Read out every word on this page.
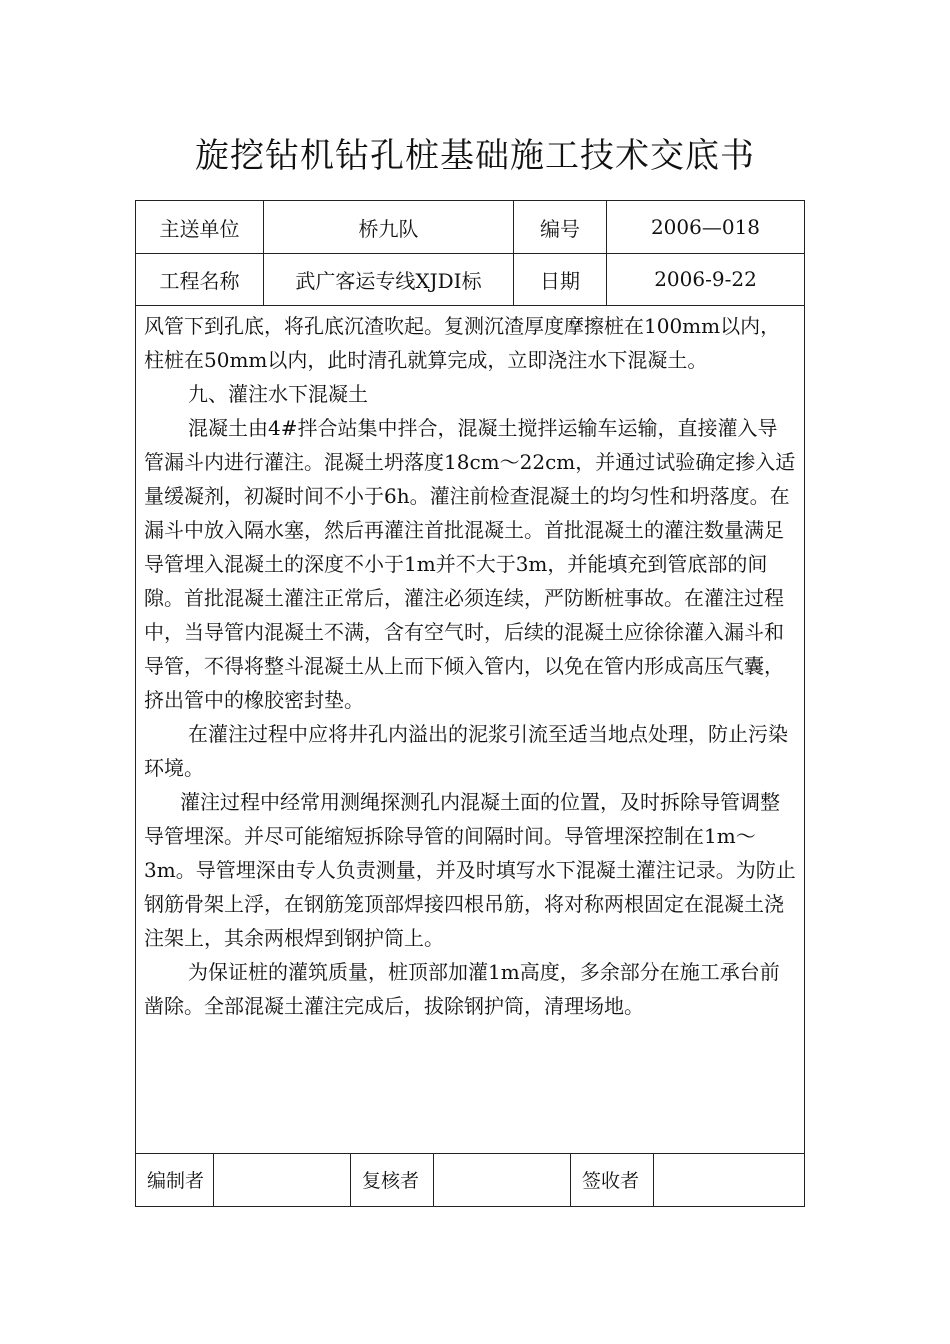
旋挖钻机钻孔桩基础施工技术交底书
主送单位	桥九队	编号	2006—018
工程名称	武广客运专线XJDI标	日期	2006-9-22

风管下到孔底，将孔底沉渣吹起。复测沉渣厚度摩擦桩在100mm以内，柱桩在50mm以内，此时清孔就算完成，立即浇注水下混凝土。

九、灌注水下混凝土

混凝土由4#拌合站集中拌合，混凝土搅拌运输车运输，直接灌入导管漏斗内进行灌注。混凝土坍落度18cm～22cm，并通过试验确定掺入适量缓凝剂，初凝时间不小于6h。灌注前检查混凝土的均匀性和坍落度。在漏斗中放入隔水塞，然后再灌注首批混凝土。首批混凝土的灌注数量满足导管埋入混凝土的深度不小于1m并不大于3m，并能填充到管底部的间隙。首批混凝土灌注正常后，灌注必须连续，严防断桩事故。在灌注过程中，当导管内混凝土不满，含有空气时，后续的混凝土应徐徐灌入漏斗和导管，不得将整斗混凝土从上而下倾入管内，以免在管内形成高压气囊，挤出管中的橡胶密封垫。

在灌注过程中应将井孔内溢出的泥浆引流至适当地点处理，防止污染环境。

灌注过程中经常用测绳探测孔内混凝土面的位置，及时拆除导管调整导管埋深。并尽可能缩短拆除导管的间隔时间。导管埋深控制在1m～3m。导管埋深由专人负责测量，并及时填写水下混凝土灌注记录。为防止钢筋骨架上浮，在钢筋笼顶部焊接四根吊筋，将对称两根固定在混凝土浇注架上，其余两根焊到钢护筒上。

为保证桩的灌筑质量，桩顶部加灌1m高度，多余部分在施工承台前凿除。全部混凝土灌注完成后，拔除钢护筒，清理场地。

编制者	复核者	签收者
